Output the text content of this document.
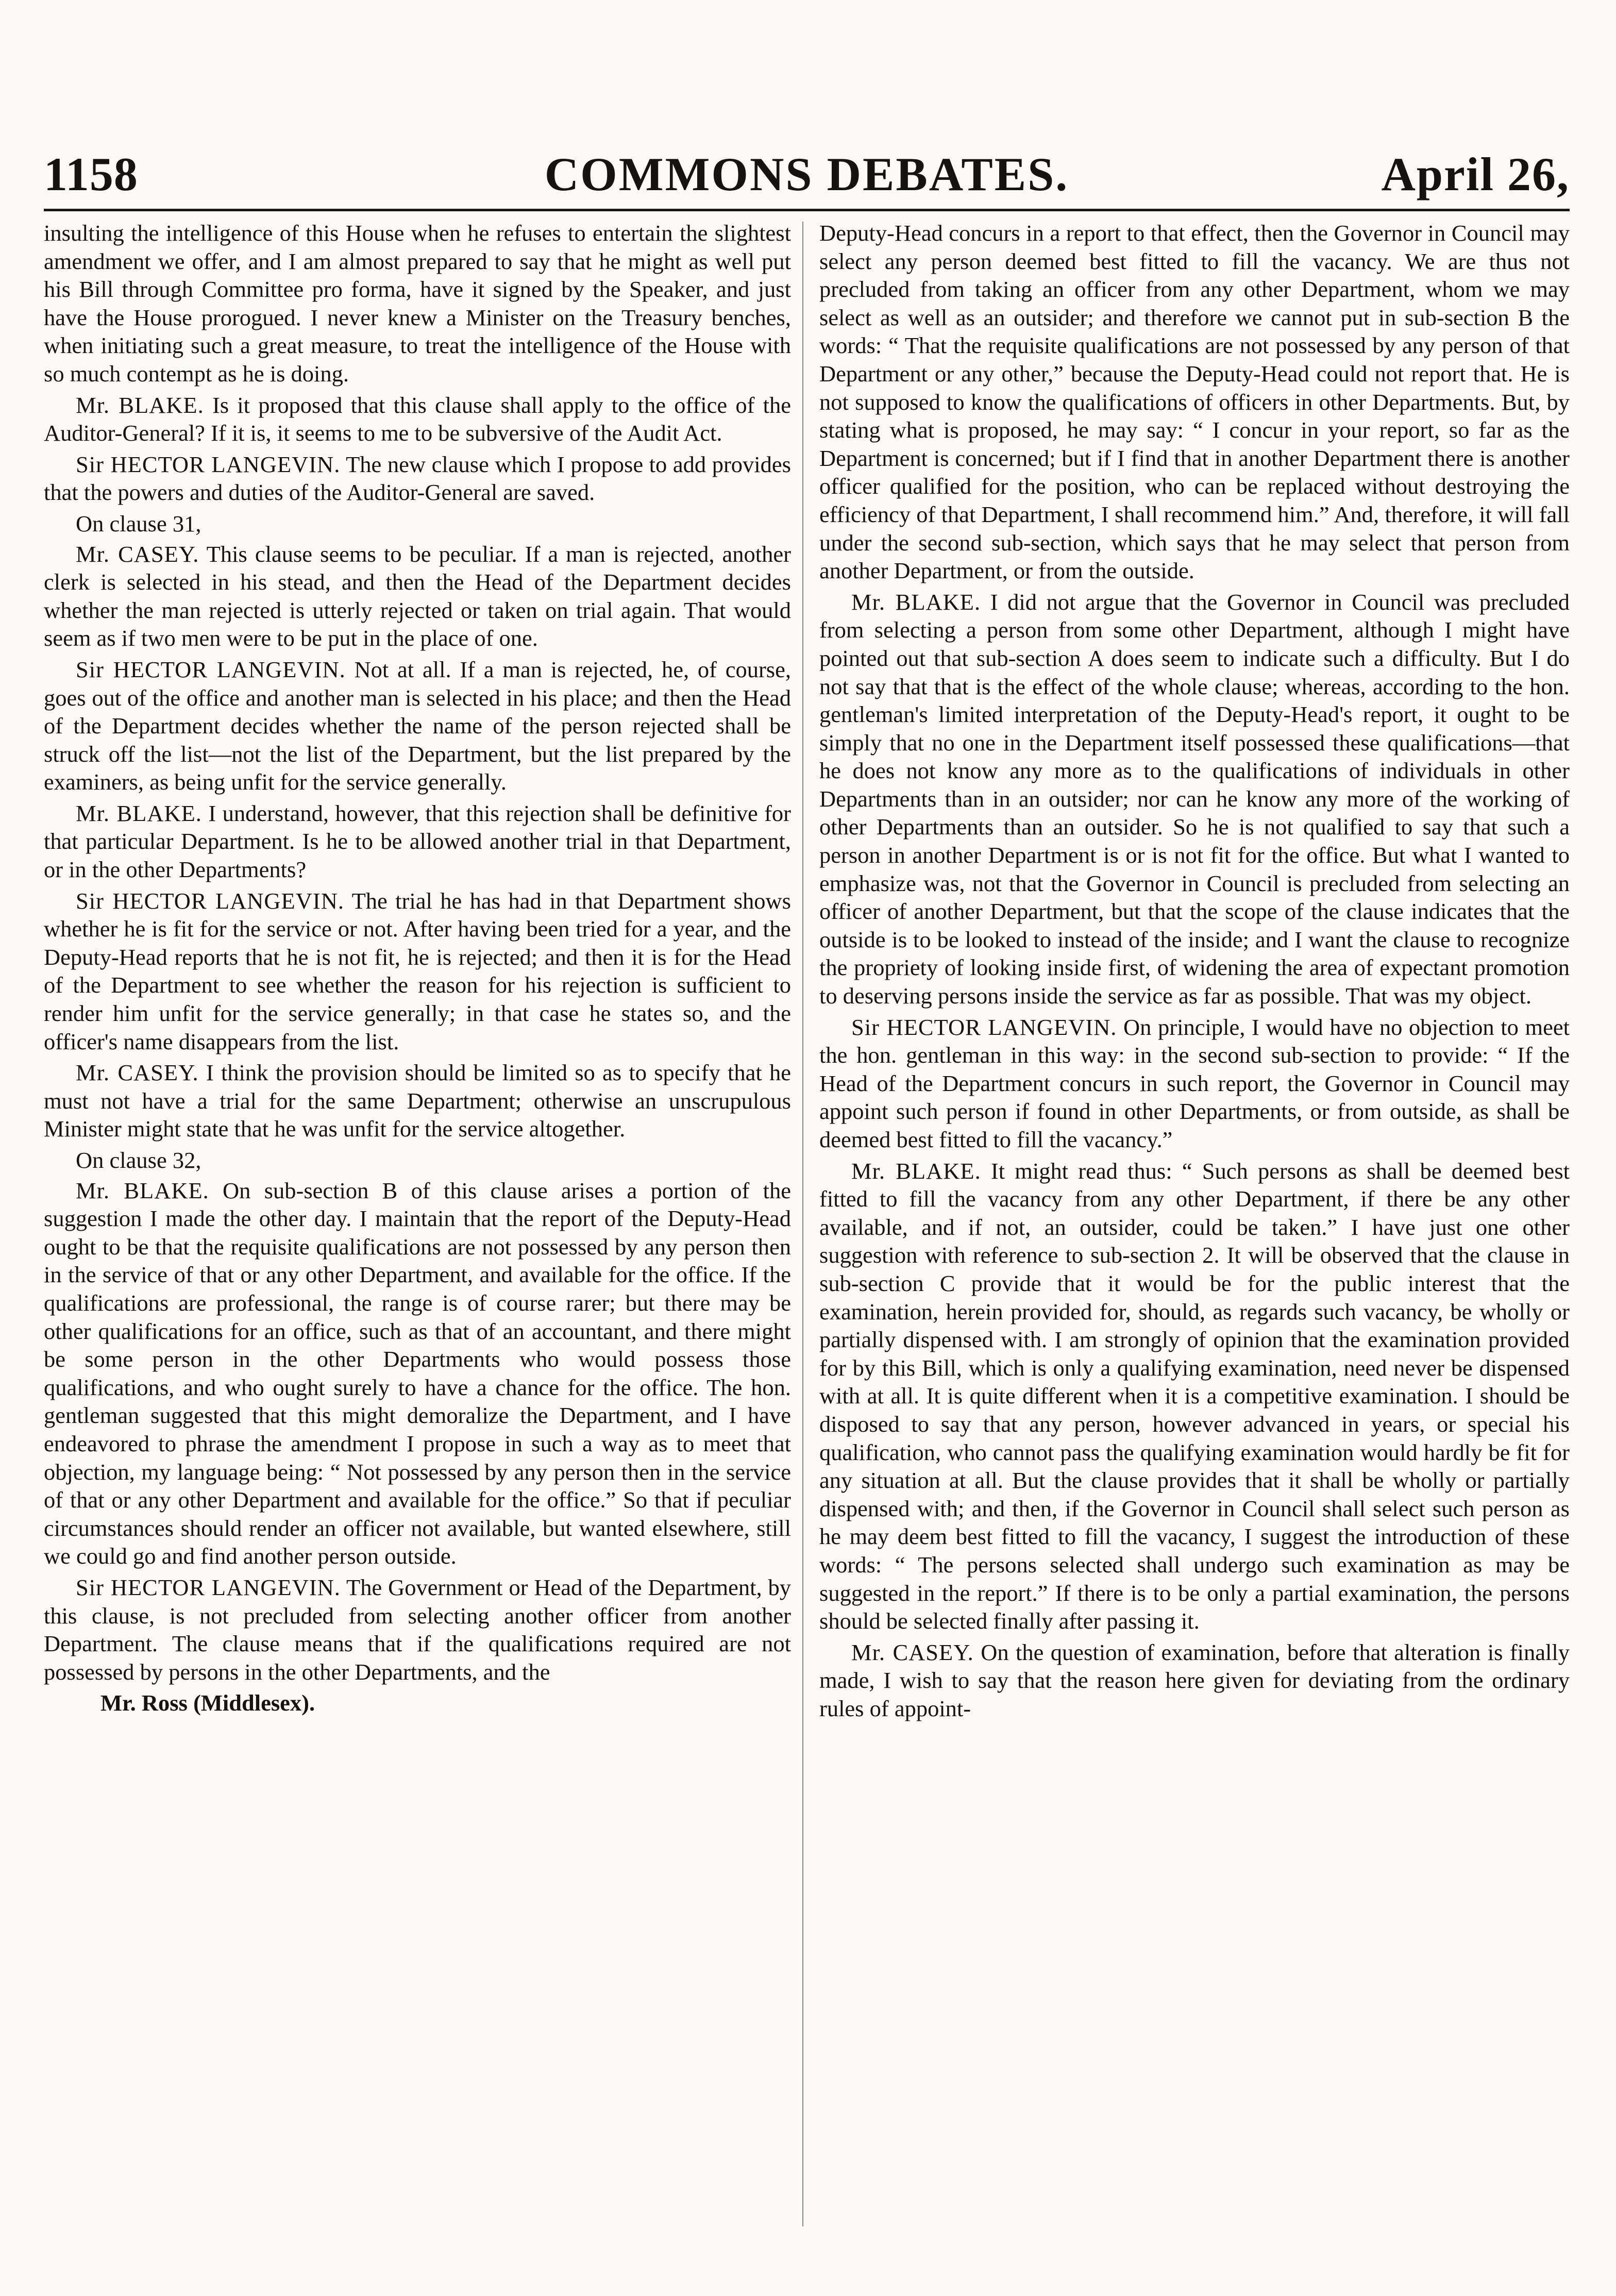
1158	COMMONS DEBATES.	April 26,

insulting the intelligence of this House when he refuses to entertain the slightest amendment we offer, and I am almost prepared to say that he might as well put his Bill through Committee pro forma, have it signed by the Speaker, and just have the House prorogued. I never knew a Minister on the Treasury benches, when initiating such a great measure, to treat the intelligence of the House with so much contempt as he is doing.

Mr. BLAKE. Is it proposed that this clause shall apply to the office of the Auditor-General? If it is, it seems to me to be subversive of the Audit Act.

Sir HECTOR LANGEVIN. The new clause which I propose to add provides that the powers and duties of the Auditor-General are saved.

On clause 31,

Mr. CASEY. This clause seems to be peculiar. If a man is rejected, another clerk is selected in his stead, and then the Head of the Department decides whether the man rejected is utterly rejected or taken on trial again. That would seem as if two men were to be put in the place of one.

Sir HECTOR LANGEVIN. Not at all. If a man is rejected, he, of course, goes out of the office and another man is selected in his place; and then the Head of the Department decides whether the name of the person rejected shall be struck off the list—not the list of the Department, but the list prepared by the examiners, as being unfit for the service generally.

Mr. BLAKE. I understand, however, that this rejection shall be definitive for that particular Department. Is he to be allowed another trial in that Department, or in the other Departments?

Sir HECTOR LANGEVIN. The trial he has had in that Department shows whether he is fit for the service or not. After having been tried for a year, and the Deputy-Head reports that he is not fit, he is rejected; and then it is for the Head of the Department to see whether the reason for his rejection is sufficient to render him unfit for the service generally; in that case he states so, and the officer's name disappears from the list.

Mr. CASEY. I think the provision should be limited so as to specify that he must not have a trial for the same Department; otherwise an unscrupulous Minister might state that he was unfit for the service altogether.

On clause 32,

Mr. BLAKE. On sub-section B of this clause arises a portion of the suggestion I made the other day. I maintain that the report of the Deputy-Head ought to be that the requisite qualifications are not possessed by any person then in the service of that or any other Department, and available for the office. If the qualifications are professional, the range is of course rarer; but there may be other qualifications for an office, such as that of an accountant, and there might be some person in the other Departments who would possess those qualifications, and who ought surely to have a chance for the office. The hon. gentleman suggested that this might demoralize the Department, and I have endeavored to phrase the amendment I propose in such a way as to meet that objection, my language being: “ Not possessed by any person then in the service of that or any other Department and available for the office.” So that if peculiar circumstances should render an officer not available, but wanted elsewhere, still we could go and find another person outside.

Sir HECTOR LANGEVIN. The Government or Head of the Department, by this clause, is not precluded from selecting another officer from another Department. The clause means that if the qualifications required are not possessed by persons in the other Departments, and the

Mr. Ross (Middlesex).

Deputy-Head concurs in a report to that effect, then the Governor in Council may select any person deemed best fitted to fill the vacancy. We are thus not precluded from taking an officer from any other Department, whom we may select as well as an outsider; and therefore we cannot put in sub-section B the words: “ That the requisite qualifications are not possessed by any person of that Department or any other,” because the Deputy-Head could not report that. He is not supposed to know the qualifications of officers in other Departments. But, by stating what is proposed, he may say: “ I concur in your report, so far as the Department is concerned; but if I find that in another Department there is another officer qualified for the position, who can be replaced without destroying the efficiency of that Department, I shall recommend him.” And, therefore, it will fall under the second sub-section, which says that he may select that person from another Department, or from the outside.

Mr. BLAKE. I did not argue that the Governor in Council was precluded from selecting a person from some other Department, although I might have pointed out that sub-section A does seem to indicate such a difficulty. But I do not say that that is the effect of the whole clause; whereas, according to the hon. gentleman's limited interpretation of the Deputy-Head's report, it ought to be simply that no one in the Department itself possessed these qualifications—that he does not know any more as to the qualifications of individuals in other Departments than in an outsider; nor can he know any more of the working of other Departments than an outsider. So he is not qualified to say that such a person in another Department is or is not fit for the office. But what I wanted to emphasize was, not that the Governor in Council is precluded from selecting an officer of another Department, but that the scope of the clause indicates that the outside is to be looked to instead of the inside; and I want the clause to recognize the propriety of looking inside first, of widening the area of expectant promotion to deserving persons inside the service as far as possible. That was my object.

Sir HECTOR LANGEVIN. On principle, I would have no objection to meet the hon. gentleman in this way: in the second sub-section to provide: “ If the Head of the Department concurs in such report, the Governor in Council may appoint such person if found in other Departments, or from outside, as shall be deemed best fitted to fill the vacancy.”

Mr. BLAKE. It might read thus: “ Such persons as shall be deemed best fitted to fill the vacancy from any other Department, if there be any other available, and if not, an outsider, could be taken.” I have just one other suggestion with reference to sub-section 2. It will be observed that the clause in sub-section C provide that it would be for the public interest that the examination, herein provided for, should, as regards such vacancy, be wholly or partially dispensed with. I am strongly of opinion that the examination provided for by this Bill, which is only a qualifying examination, need never be dispensed with at all. It is quite different when it is a competitive examination. I should be disposed to say that any person, however advanced in years, or special his qualification, who cannot pass the qualifying examination would hardly be fit for any situation at all. But the clause provides that it shall be wholly or partially dispensed with; and then, if the Governor in Council shall select such person as he may deem best fitted to fill the vacancy, I suggest the introduction of these words: “ The persons selected shall undergo such examination as may be suggested in the report.” If there is to be only a partial examination, the persons should be selected finally after passing it.

Mr. CASEY. On the question of examination, before that alteration is finally made, I wish to say that the reason here given for deviating from the ordinary rules of appoint-
